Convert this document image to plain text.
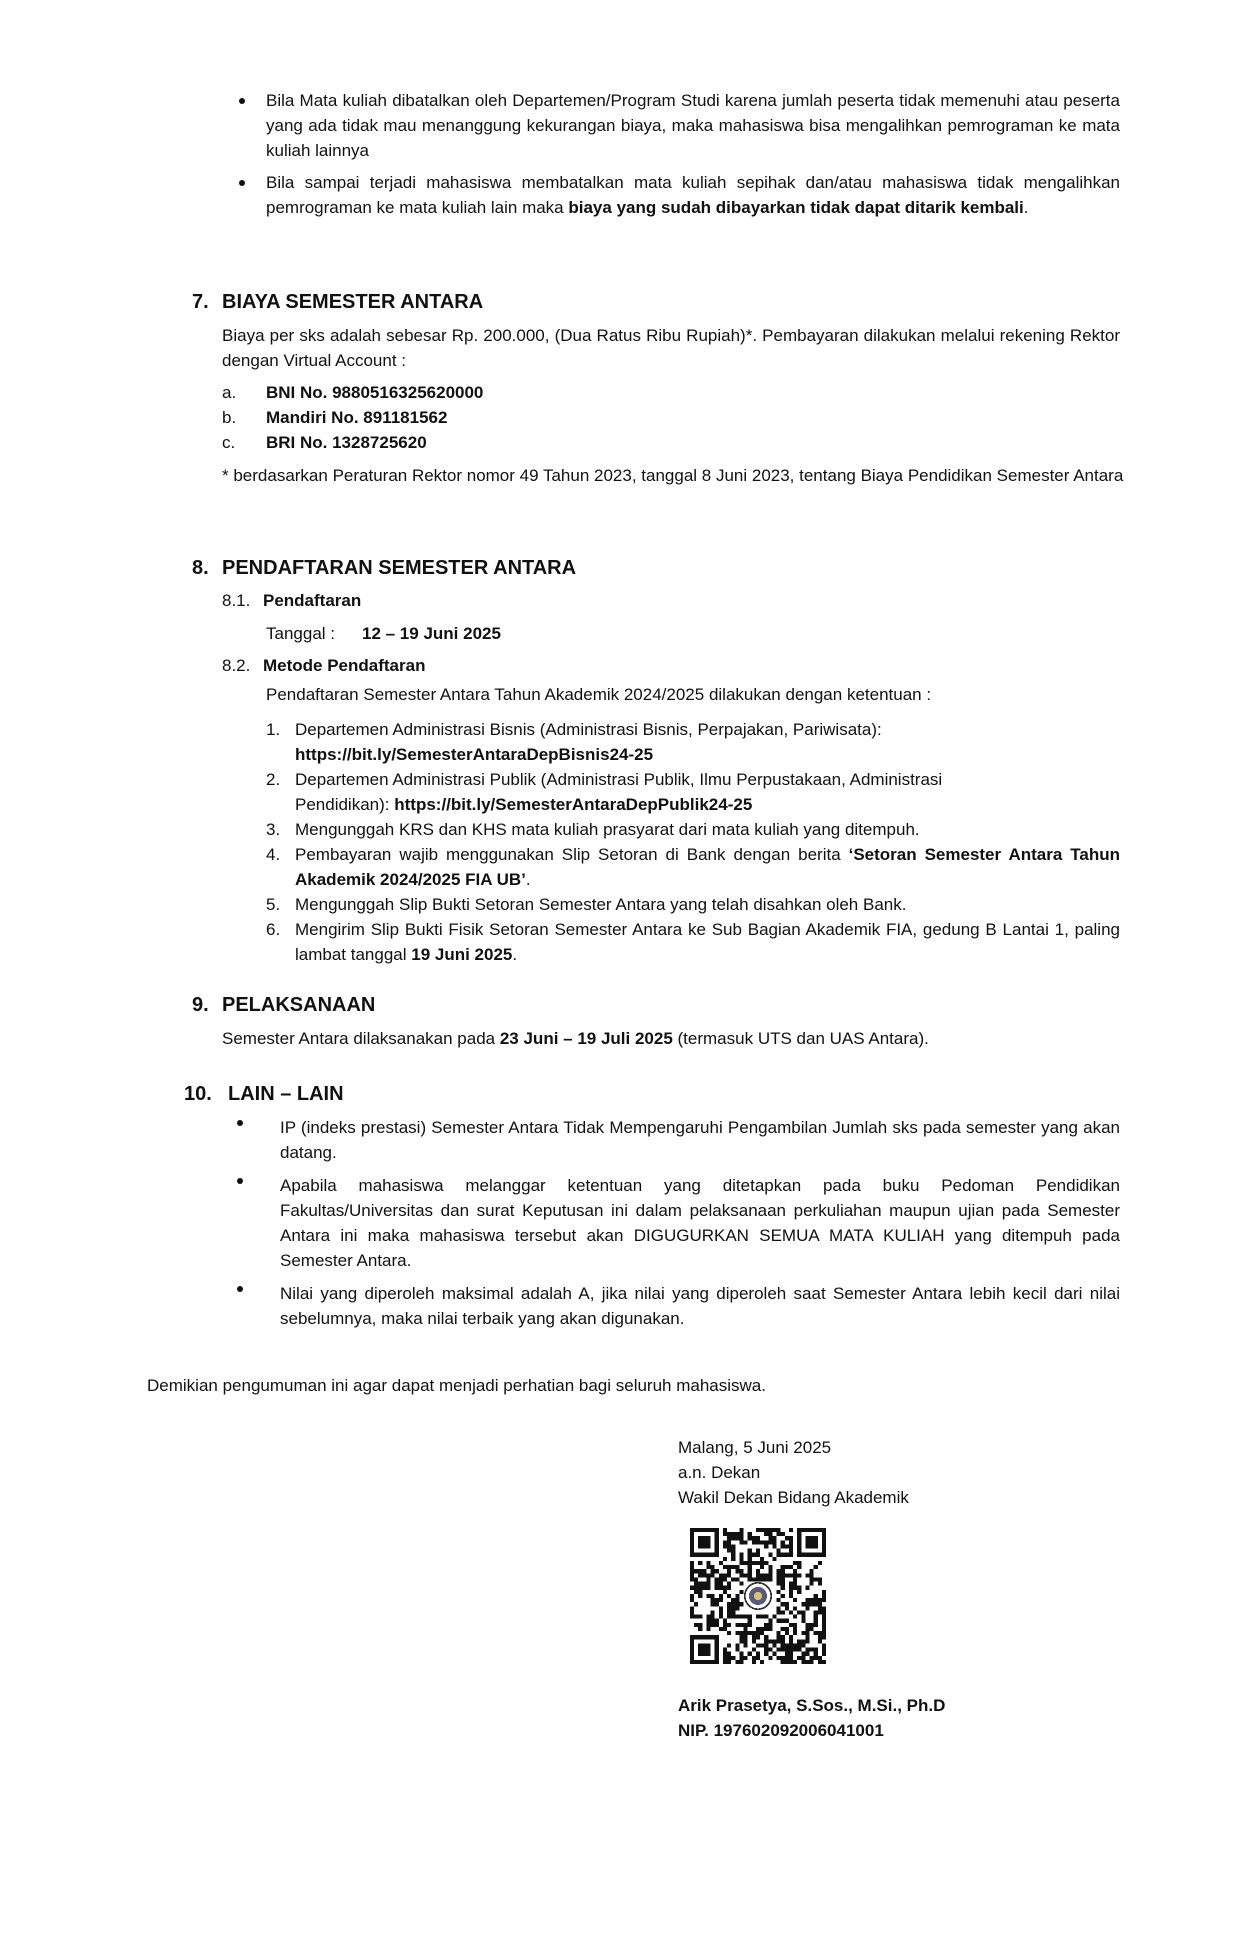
Bila Mata kuliah dibatalkan oleh Departemen/Program Studi karena jumlah peserta tidak memenuhi atau peserta yang ada tidak mau menanggung kekurangan biaya, maka mahasiswa bisa mengalihkan pemrograman ke mata kuliah lainnya
Bila sampai terjadi mahasiswa membatalkan mata kuliah sepihak dan/atau mahasiswa tidak mengalihkan pemrograman ke mata kuliah lain maka biaya yang sudah dibayarkan tidak dapat ditarik kembali.
7. BIAYA SEMESTER ANTARA
Biaya per sks adalah sebesar Rp. 200.000, (Dua Ratus Ribu Rupiah)*. Pembayaran dilakukan melalui rekening Rektor dengan Virtual Account :
a. BNI No. 9880516325620000
b. Mandiri No. 891181562
c. BRI No. 1328725620
* berdasarkan Peraturan Rektor nomor 49 Tahun 2023, tanggal 8 Juni 2023, tentang Biaya Pendidikan Semester Antara
8. PENDAFTARAN SEMESTER ANTARA
8.1. Pendaftaran
Tanggal : 12 – 19 Juni 2025
8.2. Metode Pendaftaran
Pendaftaran Semester Antara Tahun Akademik 2024/2025 dilakukan dengan ketentuan :
1. Departemen Administrasi Bisnis (Administrasi Bisnis, Perpajakan, Pariwisata):
https://bit.ly/SemesterAntaraDepBisnis24-25
2. Departemen Administrasi Publik (Administrasi Publik, Ilmu Perpustakaan, Administrasi
Pendidikan): https://bit.ly/SemesterAntaraDepPublik24-25
3. Mengunggah KRS dan KHS mata kuliah prasyarat dari mata kuliah yang ditempuh.
4. Pembayaran wajib menggunakan Slip Setoran di Bank dengan berita ‘Setoran Semester Antara Tahun Akademik 2024/2025 FIA UB’.
5. Mengunggah Slip Bukti Setoran Semester Antara yang telah disahkan oleh Bank.
6. Mengirim Slip Bukti Fisik Setoran Semester Antara ke Sub Bagian Akademik FIA, gedung B Lantai 1, paling lambat tanggal 19 Juni 2025.
9. PELAKSANAAN
Semester Antara dilaksanakan pada 23 Juni – 19 Juli 2025 (termasuk UTS dan UAS Antara).
10. LAIN – LAIN
IP (indeks prestasi) Semester Antara Tidak Mempengaruhi Pengambilan Jumlah sks pada semester yang akan datang.
Apabila mahasiswa melanggar ketentuan yang ditetapkan pada buku Pedoman Pendidikan Fakultas/Universitas dan surat Keputusan ini dalam pelaksanaan perkuliahan maupun ujian pada Semester Antara ini maka mahasiswa tersebut akan DIGUGURKAN SEMUA MATA KULIAH yang ditempuh pada Semester Antara.
Nilai yang diperoleh maksimal adalah A, jika nilai yang diperoleh saat Semester Antara lebih kecil dari nilai sebelumnya, maka nilai terbaik yang akan digunakan.
Demikian pengumuman ini agar dapat menjadi perhatian bagi seluruh mahasiswa.
Malang, 5 Juni 2025
a.n. Dekan
Wakil Dekan Bidang Akademik
Arik Prasetya, S.Sos., M.Si., Ph.D
NIP. 197602092006041001
